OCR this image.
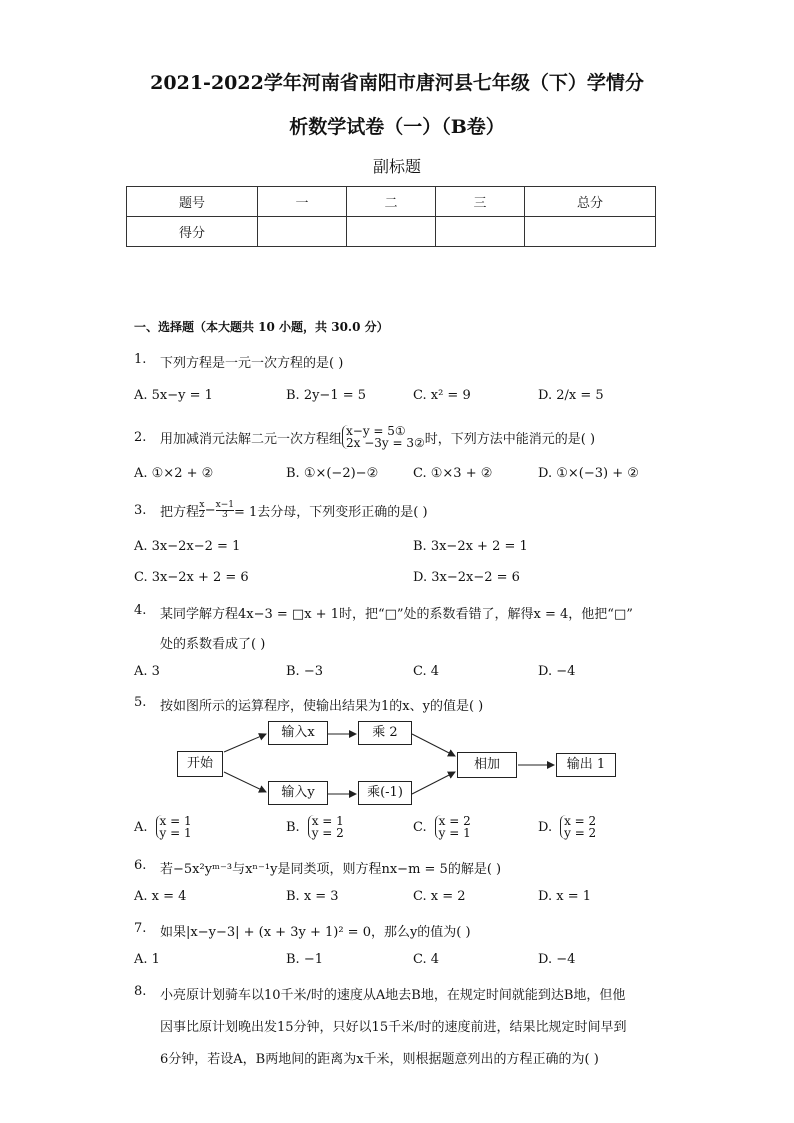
2021-2022学年河南省南阳市唐河县七年级（下）学情分
析数学试卷（一）（B卷）
副标题
题号	一	二	三	总分
得分				
一、选择题（本大题共 10 小题，共 30.0 分）
1. 下列方程是一元一次方程的是( )
A. 5x−y = 1	B. 2y−1 = 5	C. x² = 9	D. 2/x = 5
2. 用加减消元法解二元一次方程组
x−y = 5①
2x −3y = 3② 时，下列方法中能消元的是( )
A. ①×2 + ②	B. ①×(−2)−②	C. ①×3 + ②	D. ①×(−3) + ②
3. 把方程 $\frac{x}{2} - \frac{x-1}{3} = 1$去分母，下列变形正确的是( )
A. 3x−2x−2 = 1	B. 3x−2x + 2 = 1
C. 3x−2x + 2 = 6	D. 3x−2x−2 = 6
4. 某同学解方程4x−3 = □x + 1时，把“□”处的系数看错了，解得x = 4，他把“□”
处的系数看成了( )
A. 3	B. −3	C. 4	D. −4
5. 按如图所示的运算程序，使输出结果为1的x、y的值是( )
开始
输入x	乘 2
输入y	乘(-1)
相加	输出 1
A. x = 1
y = 1	B. x = 1
y = 2	C. x = 2
y = 1	D. x = 2
y = 2
6. 若−5x²yᵐ⁻³与xⁿ⁻¹y是同类项，则方程nx−m = 5的解是( )
A. x = 4	B. x = 3	C. x = 2	D. x = 1
7. 如果|x−y−3| + (x + 3y + 1)² = 0，那么y的值为( )
A. 1	B. −1	C. 4	D. −4
8. 小亮原计划骑车以10千米/时的速度从A地去B地，在规定时间就能到达B地，但他
因事比原计划晚出发15分钟，只好以15千米/时的速度前进，结果比规定时间早到
6分钟，若设A，B两地间的距离为x千米，则根据题意列出的方程正确的为( )
